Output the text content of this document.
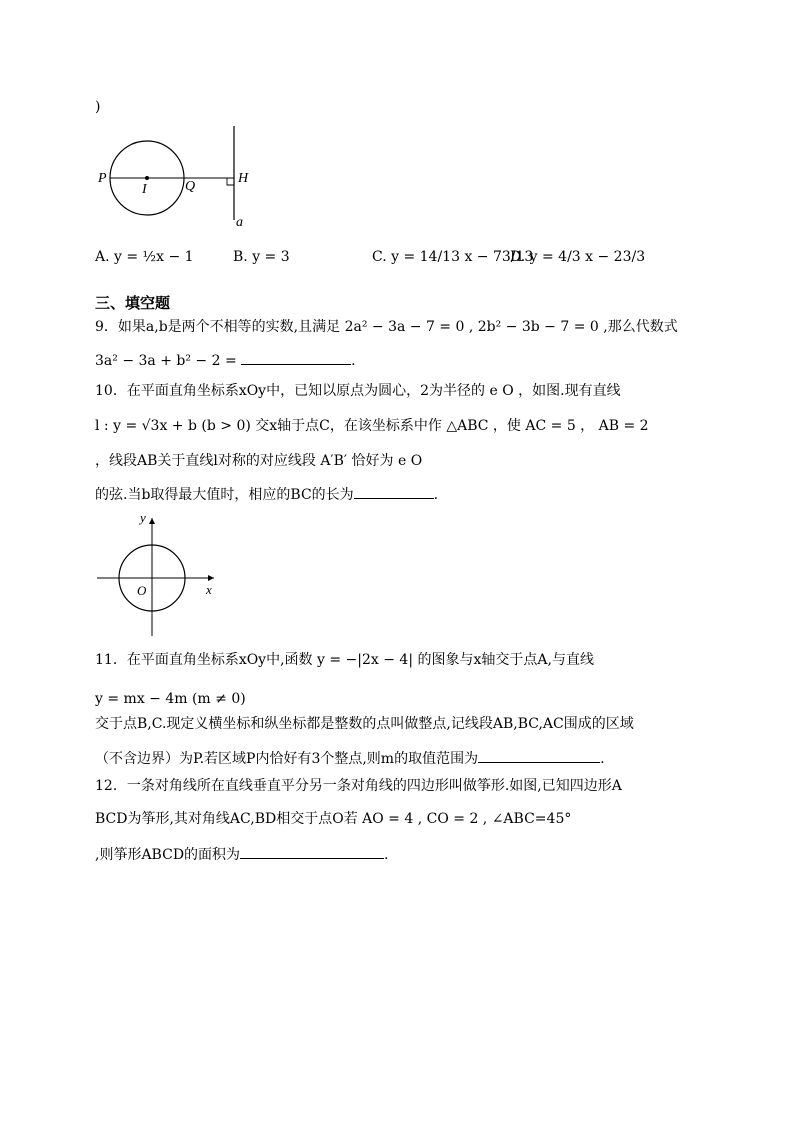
)
P
I	Q
H
a
A. y = ½x − 1	B. y = 3	C. y = 14/13 x − 73/13
D. y = 4/3 x − 23/3
三、填空题
9．如果a,b是两个不相等的实数,且满足 2a² − 3a − 7 = 0 , 2b² − 3b − 7 = 0 ,那么代数式
3a² − 3a + b² − 2 =	.
10．在平面直角坐标系xOy中，已知以原点为圆心，2为半径的 e O ，如图.现有直线
l : y = √3x + b (b > 0) 交x轴于点C，在该坐标系中作 △ABC ，使 AC = 5 ， AB = 2
，线段AB关于直线l对称的对应线段 A′B′ 恰好为 e O
的弦.当b取得最大值时，相应的BC的长为	.
y
x
O
11．在平面直角坐标系xOy中,函数 y = −|2x − 4| 的图象与x轴交于点A,与直线
y = mx − 4m (m ≠ 0)
交于点B,C.现定义横坐标和纵坐标都是整数的点叫做整点,记线段AB,BC,AC围成的区域
（不含边界）为P.若区域P内恰好有3个整点,则m的取值范围为	.
12．一条对角线所在直线垂直平分另一条对角线的四边形叫做筝形.如图,已知四边形A
BCD为筝形,其对角线AC,BD相交于点O若 AO = 4 , CO = 2 , ∠ABC=45°
,则筝形ABCD的面积为	.
